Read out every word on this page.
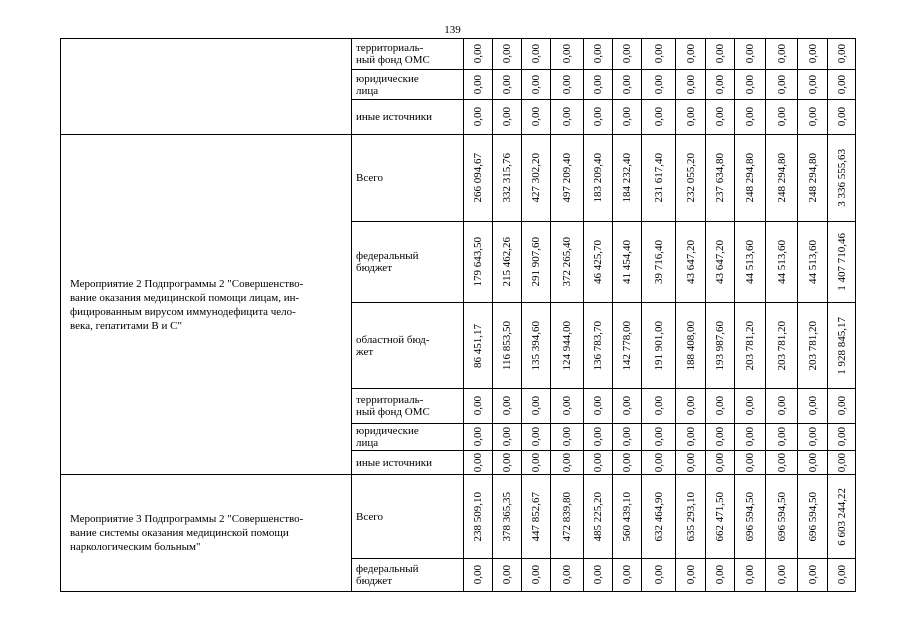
139
	территориаль-
ный фонд ОМС	0,00	0,00	0,00	0,00	0,00	0,00	0,00	0,00	0,00	0,00	0,00	0,00	0,00

	юридические
лица	0,00	0,00	0,00	0,00	0,00	0,00	0,00	0,00	0,00	0,00	0,00	0,00	0,00

	иные источники	0,00	0,00	0,00	0,00	0,00	0,00	0,00	0,00	0,00	0,00	0,00	0,00	0,00

Мероприятие 2 Подпрограммы 2 "Совершенство-
вание оказания медицинской помощи лицам, ин-
фицированным вирусом иммунодефицита чело-
века, гепатитами В и С"	Всего	266 094,67	332 315,76	427 302,20	497 209,40	183 209,40	184 232,40	231 617,40	232 055,20	237 634,80	248 294,80	248 294,80	248 294,80	3 336 555,63

	федеральный
бюджет	179 643,50	215 462,26	291 907,60	372 265,40	46 425,70	41 454,40	39 716,40	43 647,20	43 647,20	44 513,60	44 513,60	44 513,60	1 407 710,46

	областной бюд-
жет	86 451,17	116 853,50	135 394,60	124 944,00	136 783,70	142 778,00	191 901,00	188 408,00	193 987,60	203 781,20	203 781,20	203 781,20	1 928 845,17

	территориаль-
ный фонд ОМС	0,00	0,00	0,00	0,00	0,00	0,00	0,00	0,00	0,00	0,00	0,00	0,00	0,00

	юридические
лица	0,00	0,00	0,00	0,00	0,00	0,00	0,00	0,00	0,00	0,00	0,00	0,00	0,00

	иные источники	0,00	0,00	0,00	0,00	0,00	0,00	0,00	0,00	0,00	0,00	0,00	0,00	0,00

Мероприятие 3 Подпрограммы 2 "Совершенство-
вание системы оказания медицинской помощи
наркологическим больным"	Всего	238 509,10	378 365,35	447 852,67	472 839,80	485 225,20	560 439,10	632 464,90	635 293,10	662 471,50	696 594,50	696 594,50	696 594,50	6 603 244,22

	федеральный
бюджет	0,00	0,00	0,00	0,00	0,00	0,00	0,00	0,00	0,00	0,00	0,00	0,00	0,00
